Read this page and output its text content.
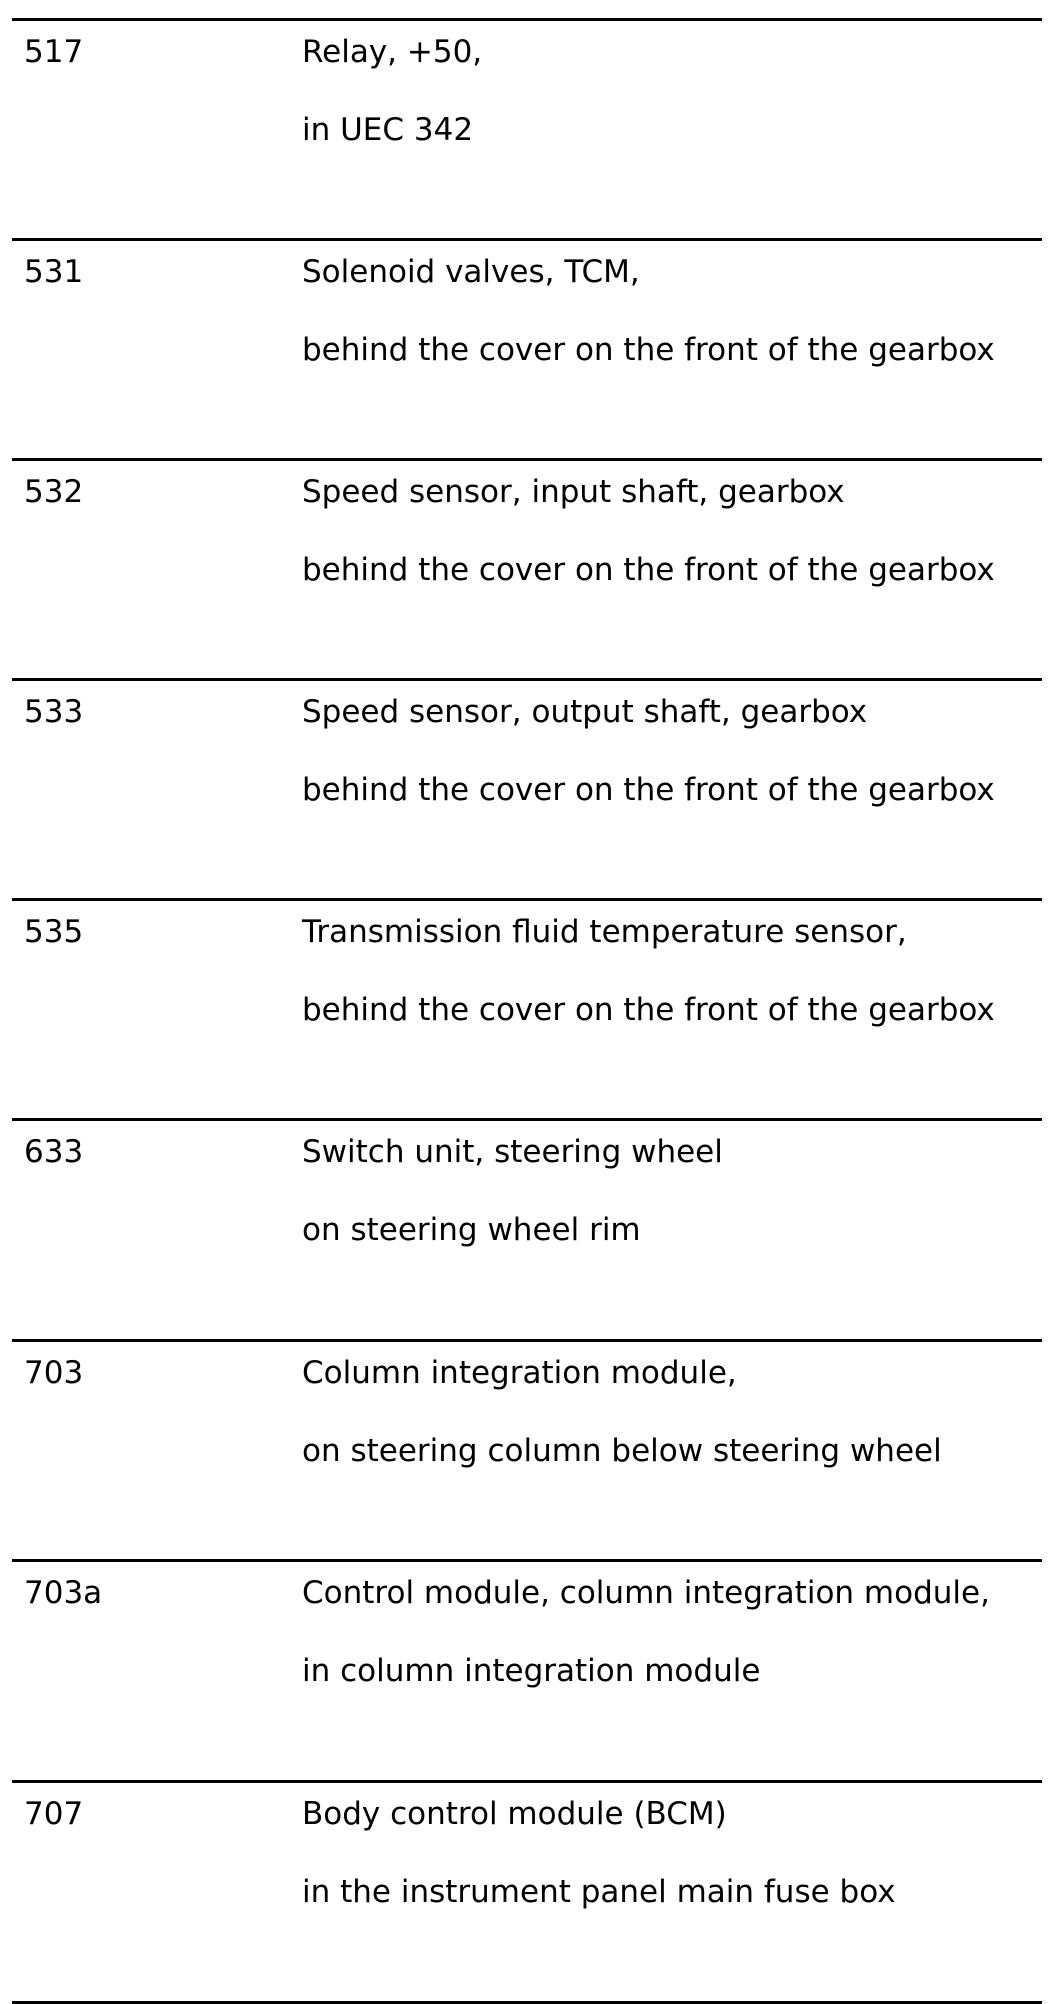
517	Relay, +50,
in UEC 342
531	Solenoid valves, TCM,
behind the cover on the front of the gearbox
532	Speed sensor, input shaft, gearbox
behind the cover on the front of the gearbox
533	Speed sensor, output shaft, gearbox
behind the cover on the front of the gearbox
535	Transmission fluid temperature sensor,
behind the cover on the front of the gearbox
633	Switch unit, steering wheel
on steering wheel rim
703	Column integration module,
on steering column below steering wheel
703a	Control module, column integration module,
in column integration module
707	Body control module (BCM)
in the instrument panel main fuse box
